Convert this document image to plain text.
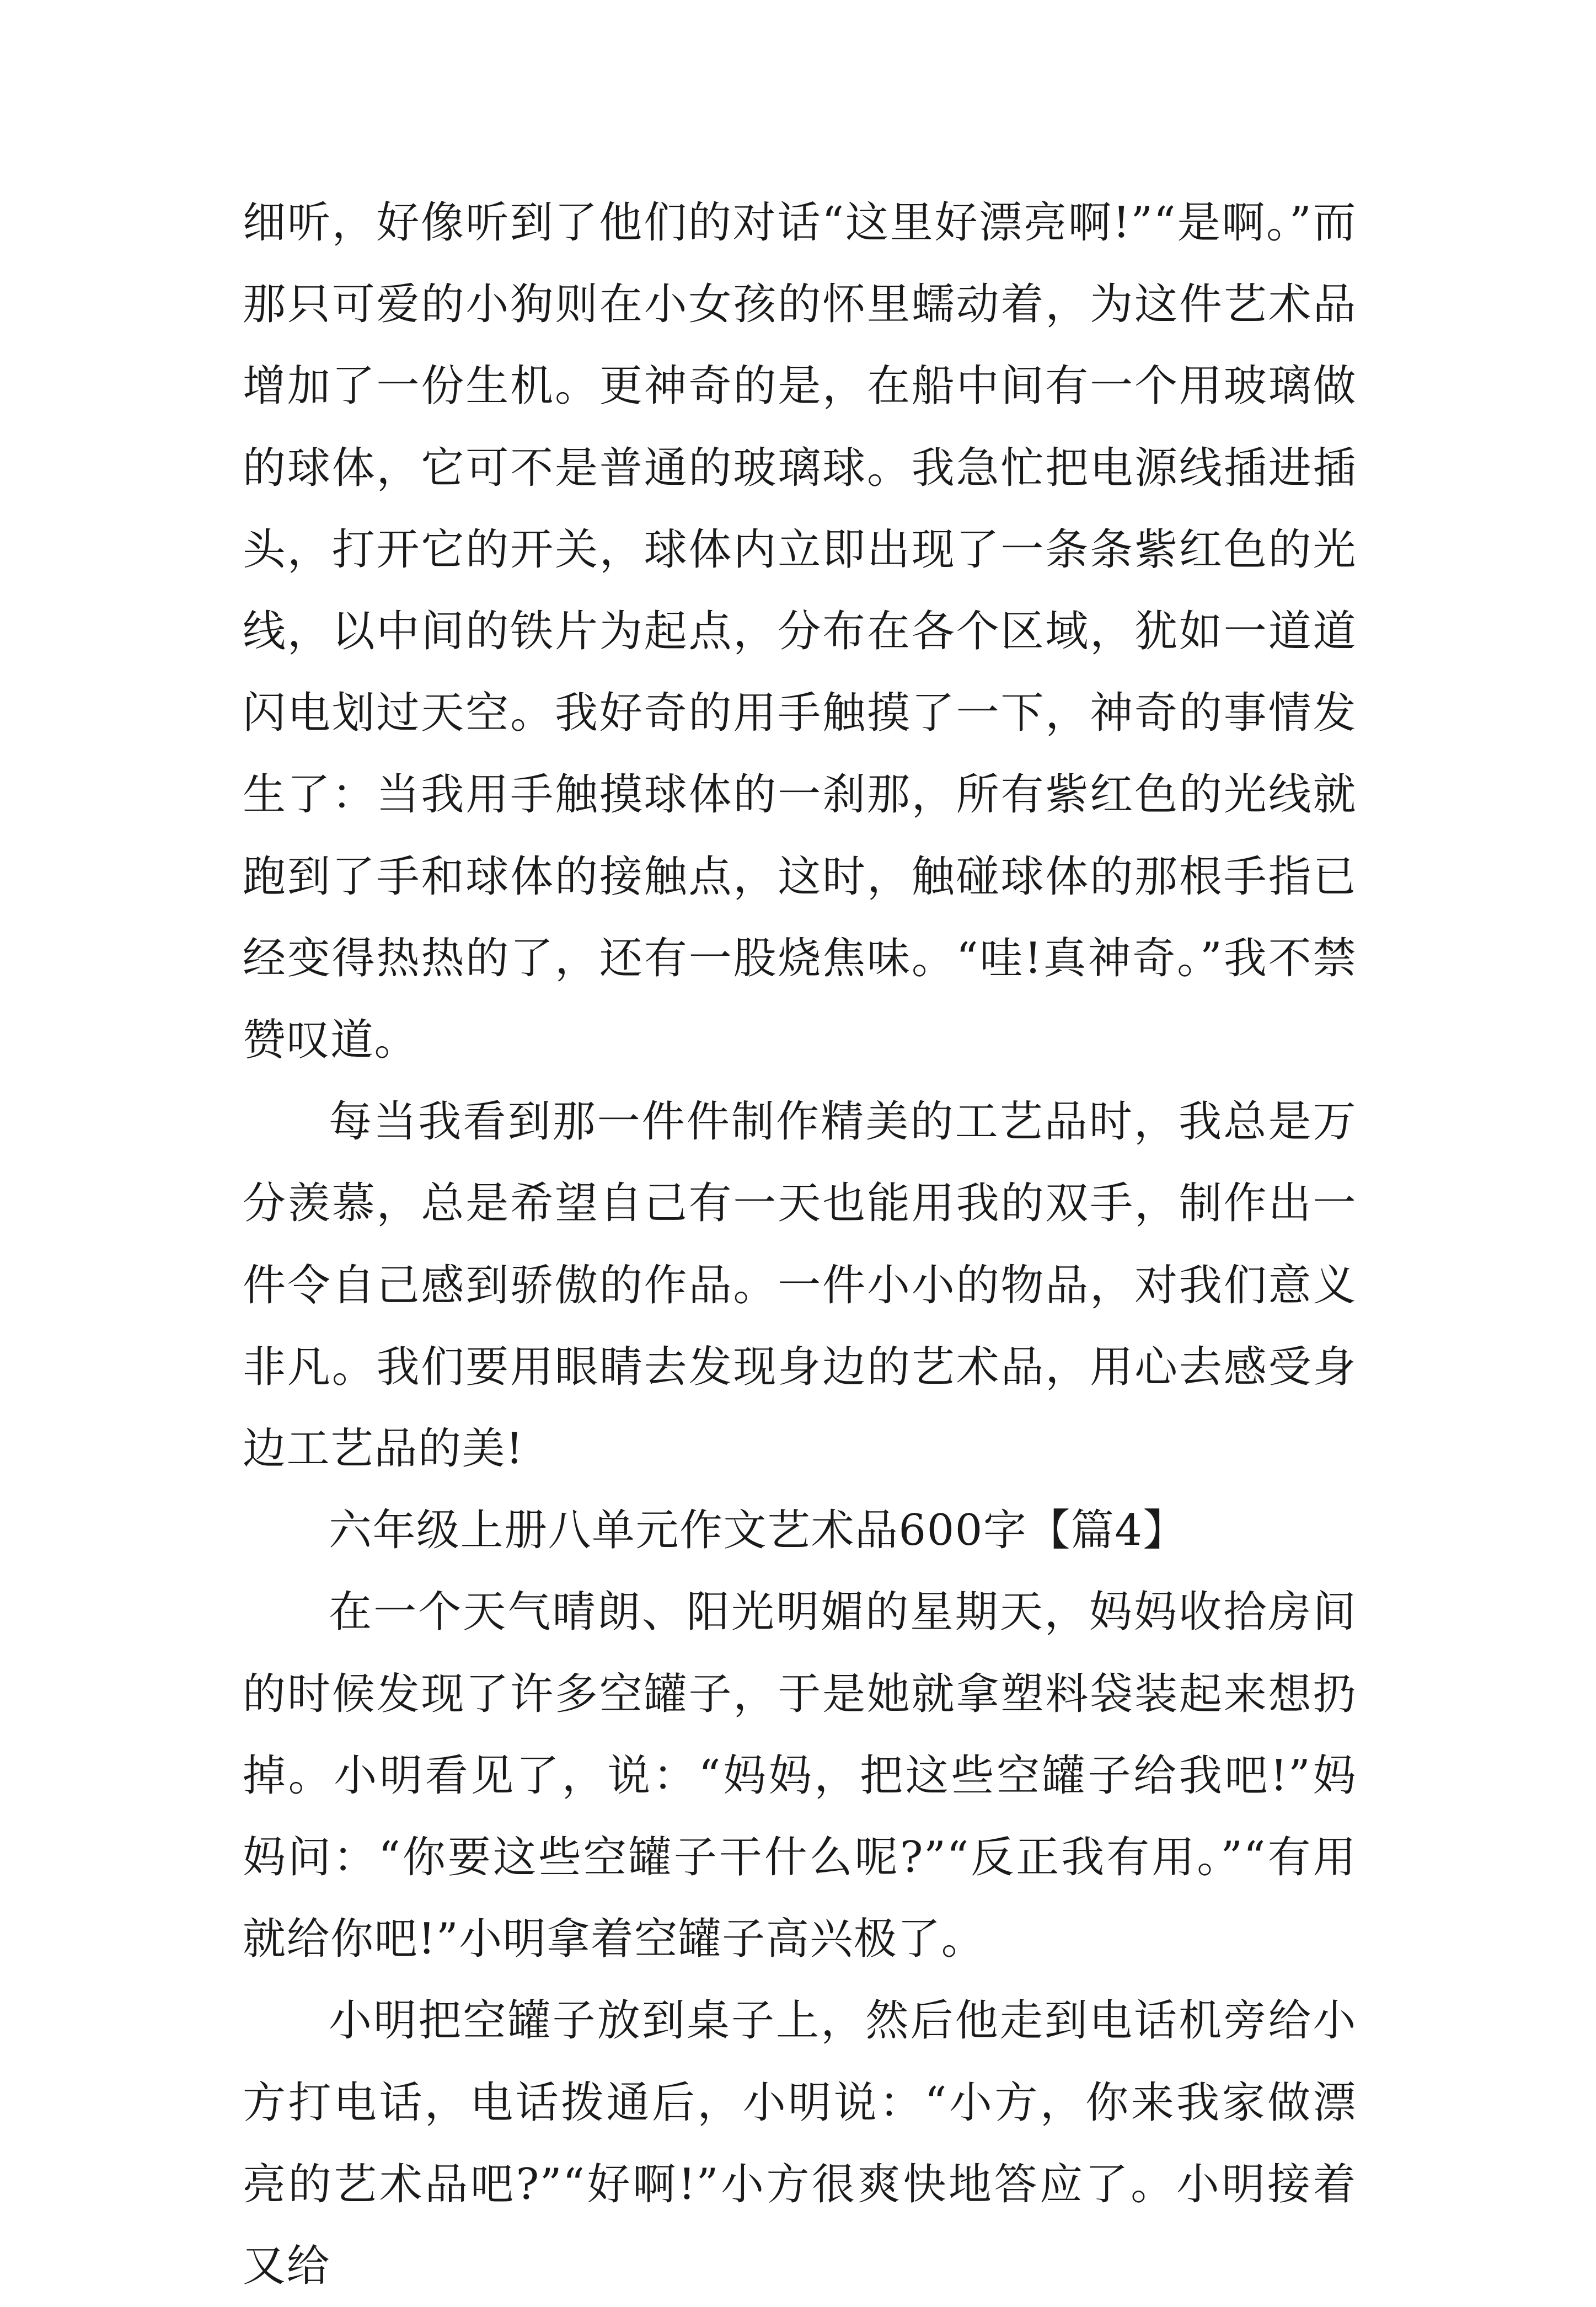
细听，好像听到了他们的对话“这里好漂亮啊!”“是啊。”而那只可爱的小狗则在小女孩的怀里蠕动着，为这件艺术品增加了一份生机。更神奇的是，在船中间有一个用玻璃做的球体，它可不是普通的玻璃球。我急忙把电源线插进插头，打开它的开关，球体内立即出现了一条条紫红色的光线，以中间的铁片为起点，分布在各个区域，犹如一道道闪电划过天空。我好奇的用手触摸了一下，神奇的事情发生了：当我用手触摸球体的一刹那，所有紫红色的光线就跑到了手和球体的接触点，这时，触碰球体的那根手指已经变得热热的了，还有一股烧焦味。“哇!真神奇。”我不禁赞叹道。

每当我看到那一件件制作精美的工艺品时，我总是万分羡慕，总是希望自己有一天也能用我的双手，制作出一件令自己感到骄傲的作品。一件小小的物品，对我们意义非凡。我们要用眼睛去发现身边的艺术品，用心去感受身边工艺品的美!

六年级上册八单元作文艺术品600字【篇4】

在一个天气晴朗、阳光明媚的星期天，妈妈收拾房间的时候发现了许多空罐子，于是她就拿塑料袋装起来想扔掉。小明看见了，说：“妈妈，把这些空罐子给我吧!”妈妈问：“你要这些空罐子干什么呢?”“反正我有用。”“有用就给你吧!”小明拿着空罐子高兴极了。

小明把空罐子放到桌子上，然后他走到电话机旁给小方打电话，电话拨通后，小明说：“小方，你来我家做漂亮的艺术品吧?”“好啊!”小方很爽快地答应了。小明接着又给
